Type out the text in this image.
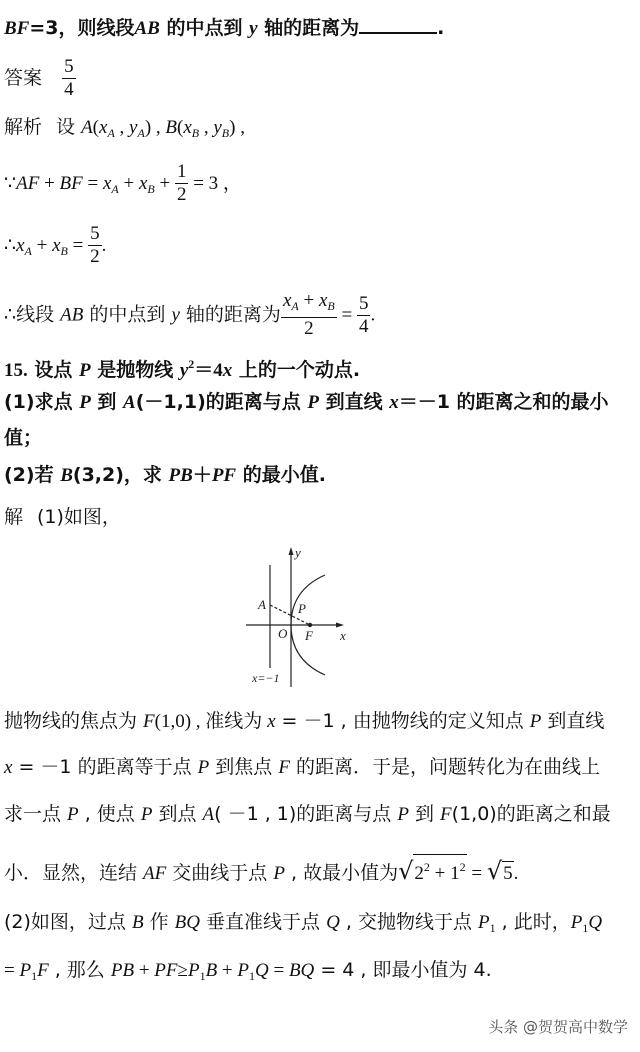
BF=3，则线段AB 的中点到 y 轴的距离为	.
答案 $\frac{5}{4}$
解析 设 $A(x_A$ , $y_A$) , $B(x_B$ , $y_B$) ,
∵AF + BF = $x_A + x_B + \frac{1}{2} = 3$ ，
$\therefore x_A + x_B = \frac{5}{2}$ .
∴线段 AB 的中点到 y 轴的距离为 $\frac{x_A + x_B}{2} = \frac{5}{4}$ .
15. 设点 P 是抛物线 $y^2=4x$ 上的一个动点.
(1)求点 P 到 A(－1,1)的距离与点 P 到直线 x＝－1 的距离之和的最小
值；
(2)若 B(3,2)，求 PB＋PF 的最小值.
解 (1)如图，
y
x
A P
O F
x=−1
抛物线的焦点为 F(1,0) , 准线为 x = －1 , 由抛物线的定义知点 P 到直线
x = －1 的距离等于点 P 到焦点 F 的距离．于是，问题转化为在曲线上
求一点 P , 使点 P 到点 A( －1 , 1)的距离与点 P 到 F(1,0)的距离之和最
小．显然，连结 AF 交曲线于点 P , 故最小值为$√2^2 + 1^2 = √5$.
(2)如图，过点 B 作 BQ 垂直准线于点 Q , 交抛物线于点 $P_1$ , 此时，$P_1Q$
= $P_1F$ , 那么 PB + $PF\ge P_1B + P_1Q$ = BQ = 4 , 即最小值为 4.
头条 @贺贺高中数学
